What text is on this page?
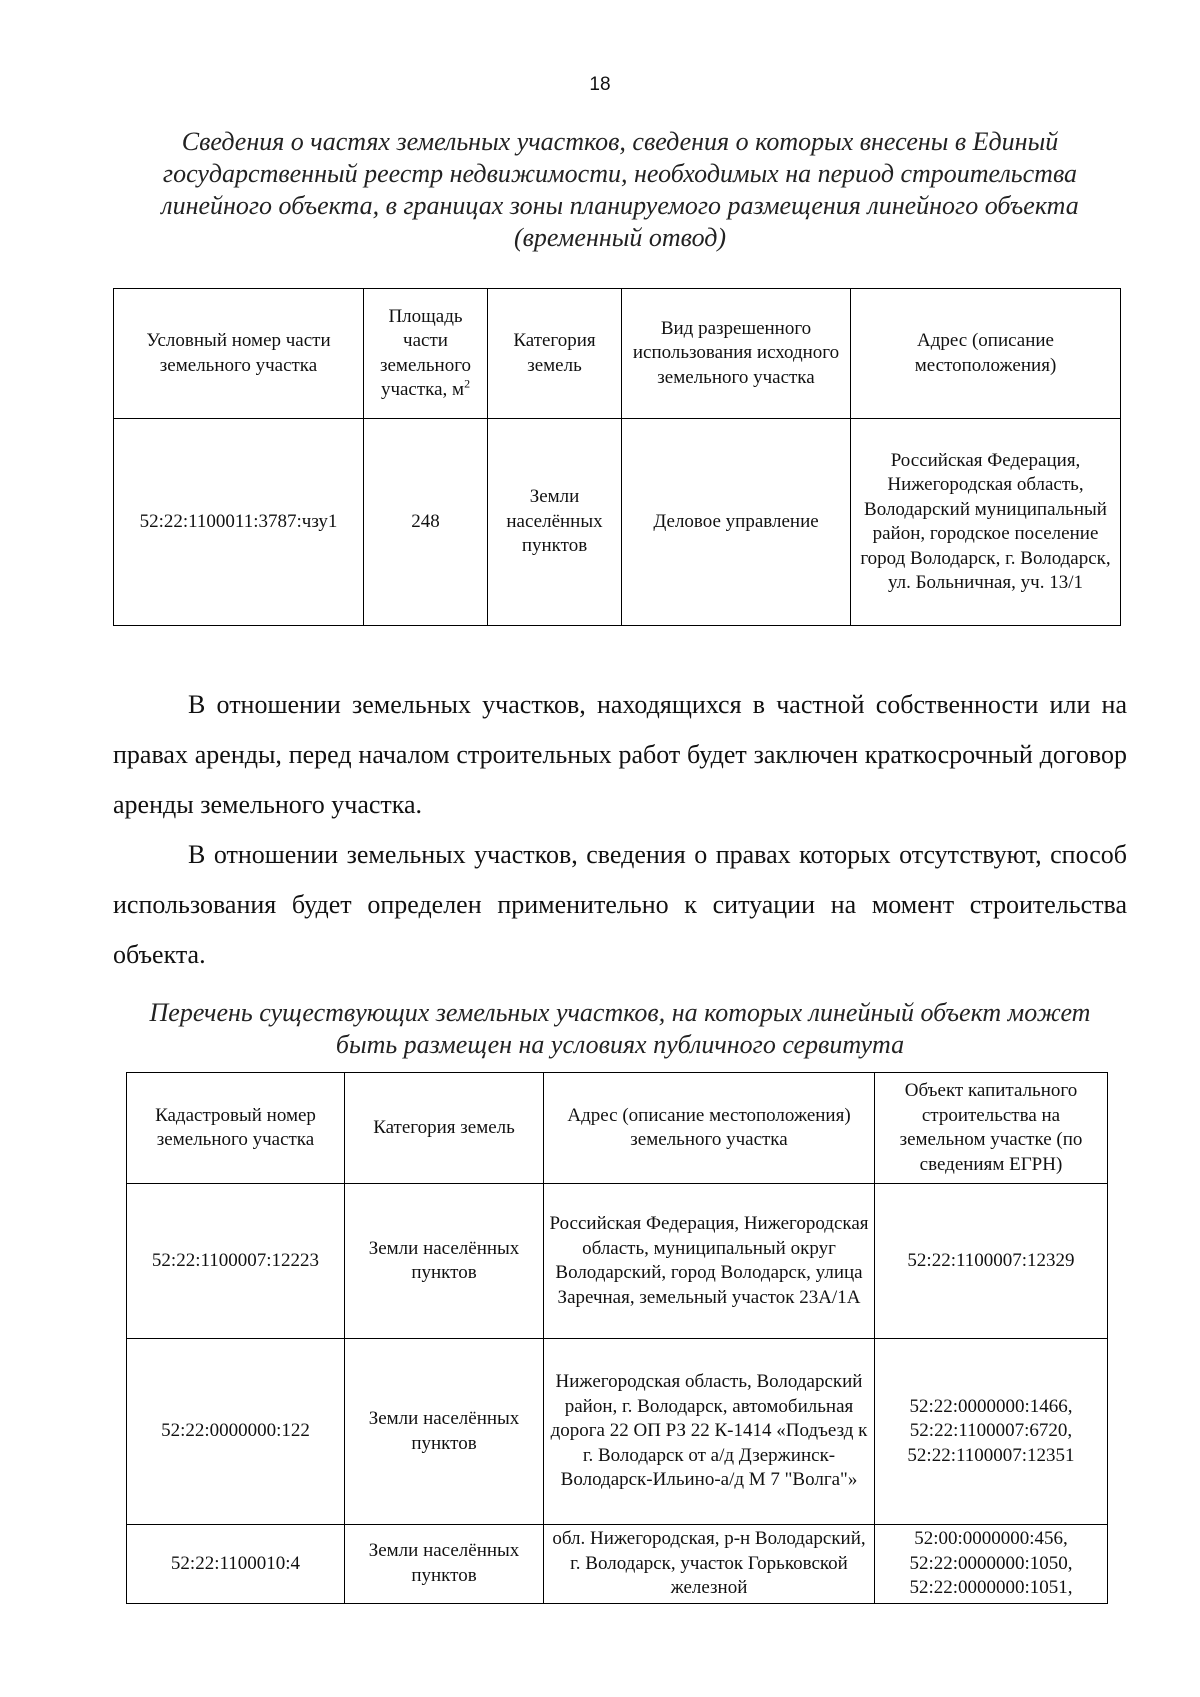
18
Сведения о частях земельных участков, сведения о которых внесены в Единый государственный реестр недвижимости, необходимых на период строительства линейного объекта, в границах зоны планируемого размещения линейного объекта (временный отвод)
Условный номер части земельного участка	Площадь части земельного участка, $м^2$	Категория земель	Вид разрешенного использования исходного земельного участка	Адрес (описание местоположения)
52:22:1100011:3787:чзу1	248	Земли населённых пунктов	Деловое управление	Российская Федерация, Нижегородская область, Володарский муниципальный район, городское поселение город Володарск, г. Володарск, ул. Больничная, уч. 13/1

В отношении земельных участков, находящихся в частной собственности или на правах аренды, перед началом строительных работ будет заключен краткосрочный договор аренды земельного участка.

В отношении земельных участков, сведения о правах которых отсутствуют, способ использования будет определен применительно к ситуации на момент строительства объекта.

Перечень существующих земельных участков, на которых линейный объект может быть размещен на условиях публичного сервитута
Кадастровый номер земельного участка	Категория земель	Адрес (описание местоположения) земельного участка	Объект капитального строительства на земельном участке (по сведениям ЕГРН)
52:22:1100007:12223	Земли населённых пунктов	Российская Федерация, Нижегородская область, муниципальный округ Володарский, город Володарск, улица Заречная, земельный участок 23А/1А	52:22:1100007:12329
52:22:0000000:122	Земли населённых пунктов	Нижегородская область, Володарский район, г. Володарск, автомобильная дорога 22 ОП РЗ 22 К-1414 «Подъезд к г. Володарск от а/д Дзержинск-Володарск-Ильино-а/д М 7 "Волга"»	52:22:0000000:1466, 52:22:1100007:6720, 52:22:1100007:12351
52:22:1100010:4	Земли населённых пунктов	обл. Нижегородская, р-н Володарский, г. Володарск, участок Горьковской железной	52:00:0000000:456, 52:22:0000000:1050, 52:22:0000000:1051,
